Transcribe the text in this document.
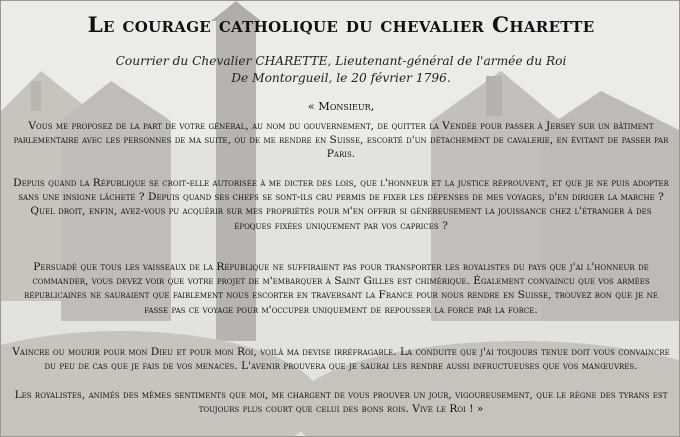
Le courage catholique du chevalier Charette
Courrier du Chevalier CHARETTE, Lieutenant-général de l'armée du Roi
De Montorgueil, le 20 février 1796.
« Monsieur,
Vous me proposez de la part de votre général, au nom du gouvernement, de quitter la Vendée pour passer à Jersey sur un bâtiment parlementaire avec les personnes de ma suite, ou de me rendre en Suisse, escorté d'un détachement de cavalerie, en évitant de passer par Paris.
Depuis quand la République se croit-elle autorisée à me dicter des lois, que l'honneur et la justice réprouvent, et que je ne puis adopter sans une insigne lâcheté ? Depuis quand ses chefs se sont-ils cru permis de fixer les dépenses de mes voyages, d'en diriger la marche ? Quel droit, enfin, avez-vous pu acquérir sur mes propriétés pour m'en offrir si généreusement la jouissance chez l'étranger à des époques fixées uniquement par vos caprices ?
Persuadé que tous les vaisseaux de la République ne suffiraient pas pour transporter les royalistes du pays que j'ai l'honneur de commander, vous devez voir que votre projet de m'embarquer à Saint Gilles est chimérique. Également convaincu que vos armées républicaines ne sauraient que faiblement nous escorter en traversant la France pour nous rendre en Suisse, trouvez bon que je ne fasse pas ce voyage pour m'occuper uniquement de repousser la force par la force.
Vaincre ou mourir pour mon Dieu et pour mon Roi, voilà ma devise irréfragable. La conduite que j'ai toujours tenue doit vous convaincre du peu de cas que je fais de vos menaces. L'avenir prouvera que je saurai les rendre aussi infructueuses que vos manœuvres.
Les royalistes, animés des mêmes sentiments que moi, me chargent de vous prouver un jour, vigoureusement, que le règne des tyrans est toujours plus court que celui des bons rois. Vive le Roi ! »
